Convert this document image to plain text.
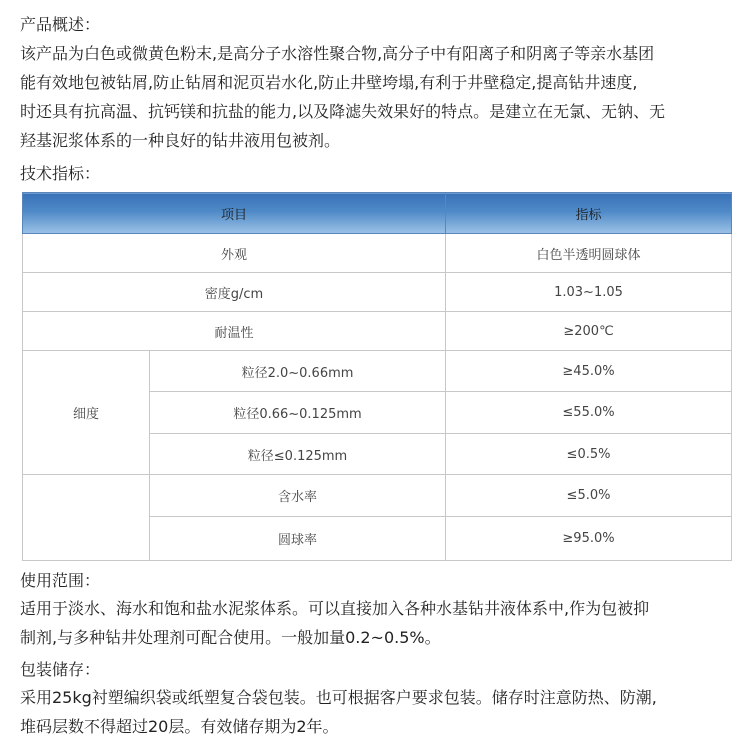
产品概述：

该产品为白色或微黄色粉末,是高分子水溶性聚合物,高分子中有阳离子和阴离子等亲水基团

能有效地包被钻屑,防止钻屑和泥页岩水化,防止井壁垮塌,有利于井壁稳定,提高钻井速度,

时还具有抗高温、抗钙镁和抗盐的能力,以及降滤失效果好的特点。是建立在无氯、无钠、无

羟基泥浆体系的一种良好的钻井液用包被剂。

技术指标：

项目		指标
外观		白色半透明圆球体
密度g/cm		1.03~1.05
耐温性		≥200℃
细度	粒径2.0~0.66mm	≥45.0%
	粒径0.66~0.125mm	≤55.0%
	粒径≤0.125mm	≤0.5%
	含水率	≤5.0%
	圆球率	≥95.0%

使用范围：

适用于淡水、海水和饱和盐水泥浆体系。可以直接加入各种水基钻井液体系中,作为包被抑

制剂,与多种钻井处理剂可配合使用。一般加量0.2~0.5%。

包装储存：

采用25kg衬塑编织袋或纸塑复合袋包装。也可根据客户要求包装。储存时注意防热、防潮,

堆码层数不得超过20层。有效储存期为2年。
